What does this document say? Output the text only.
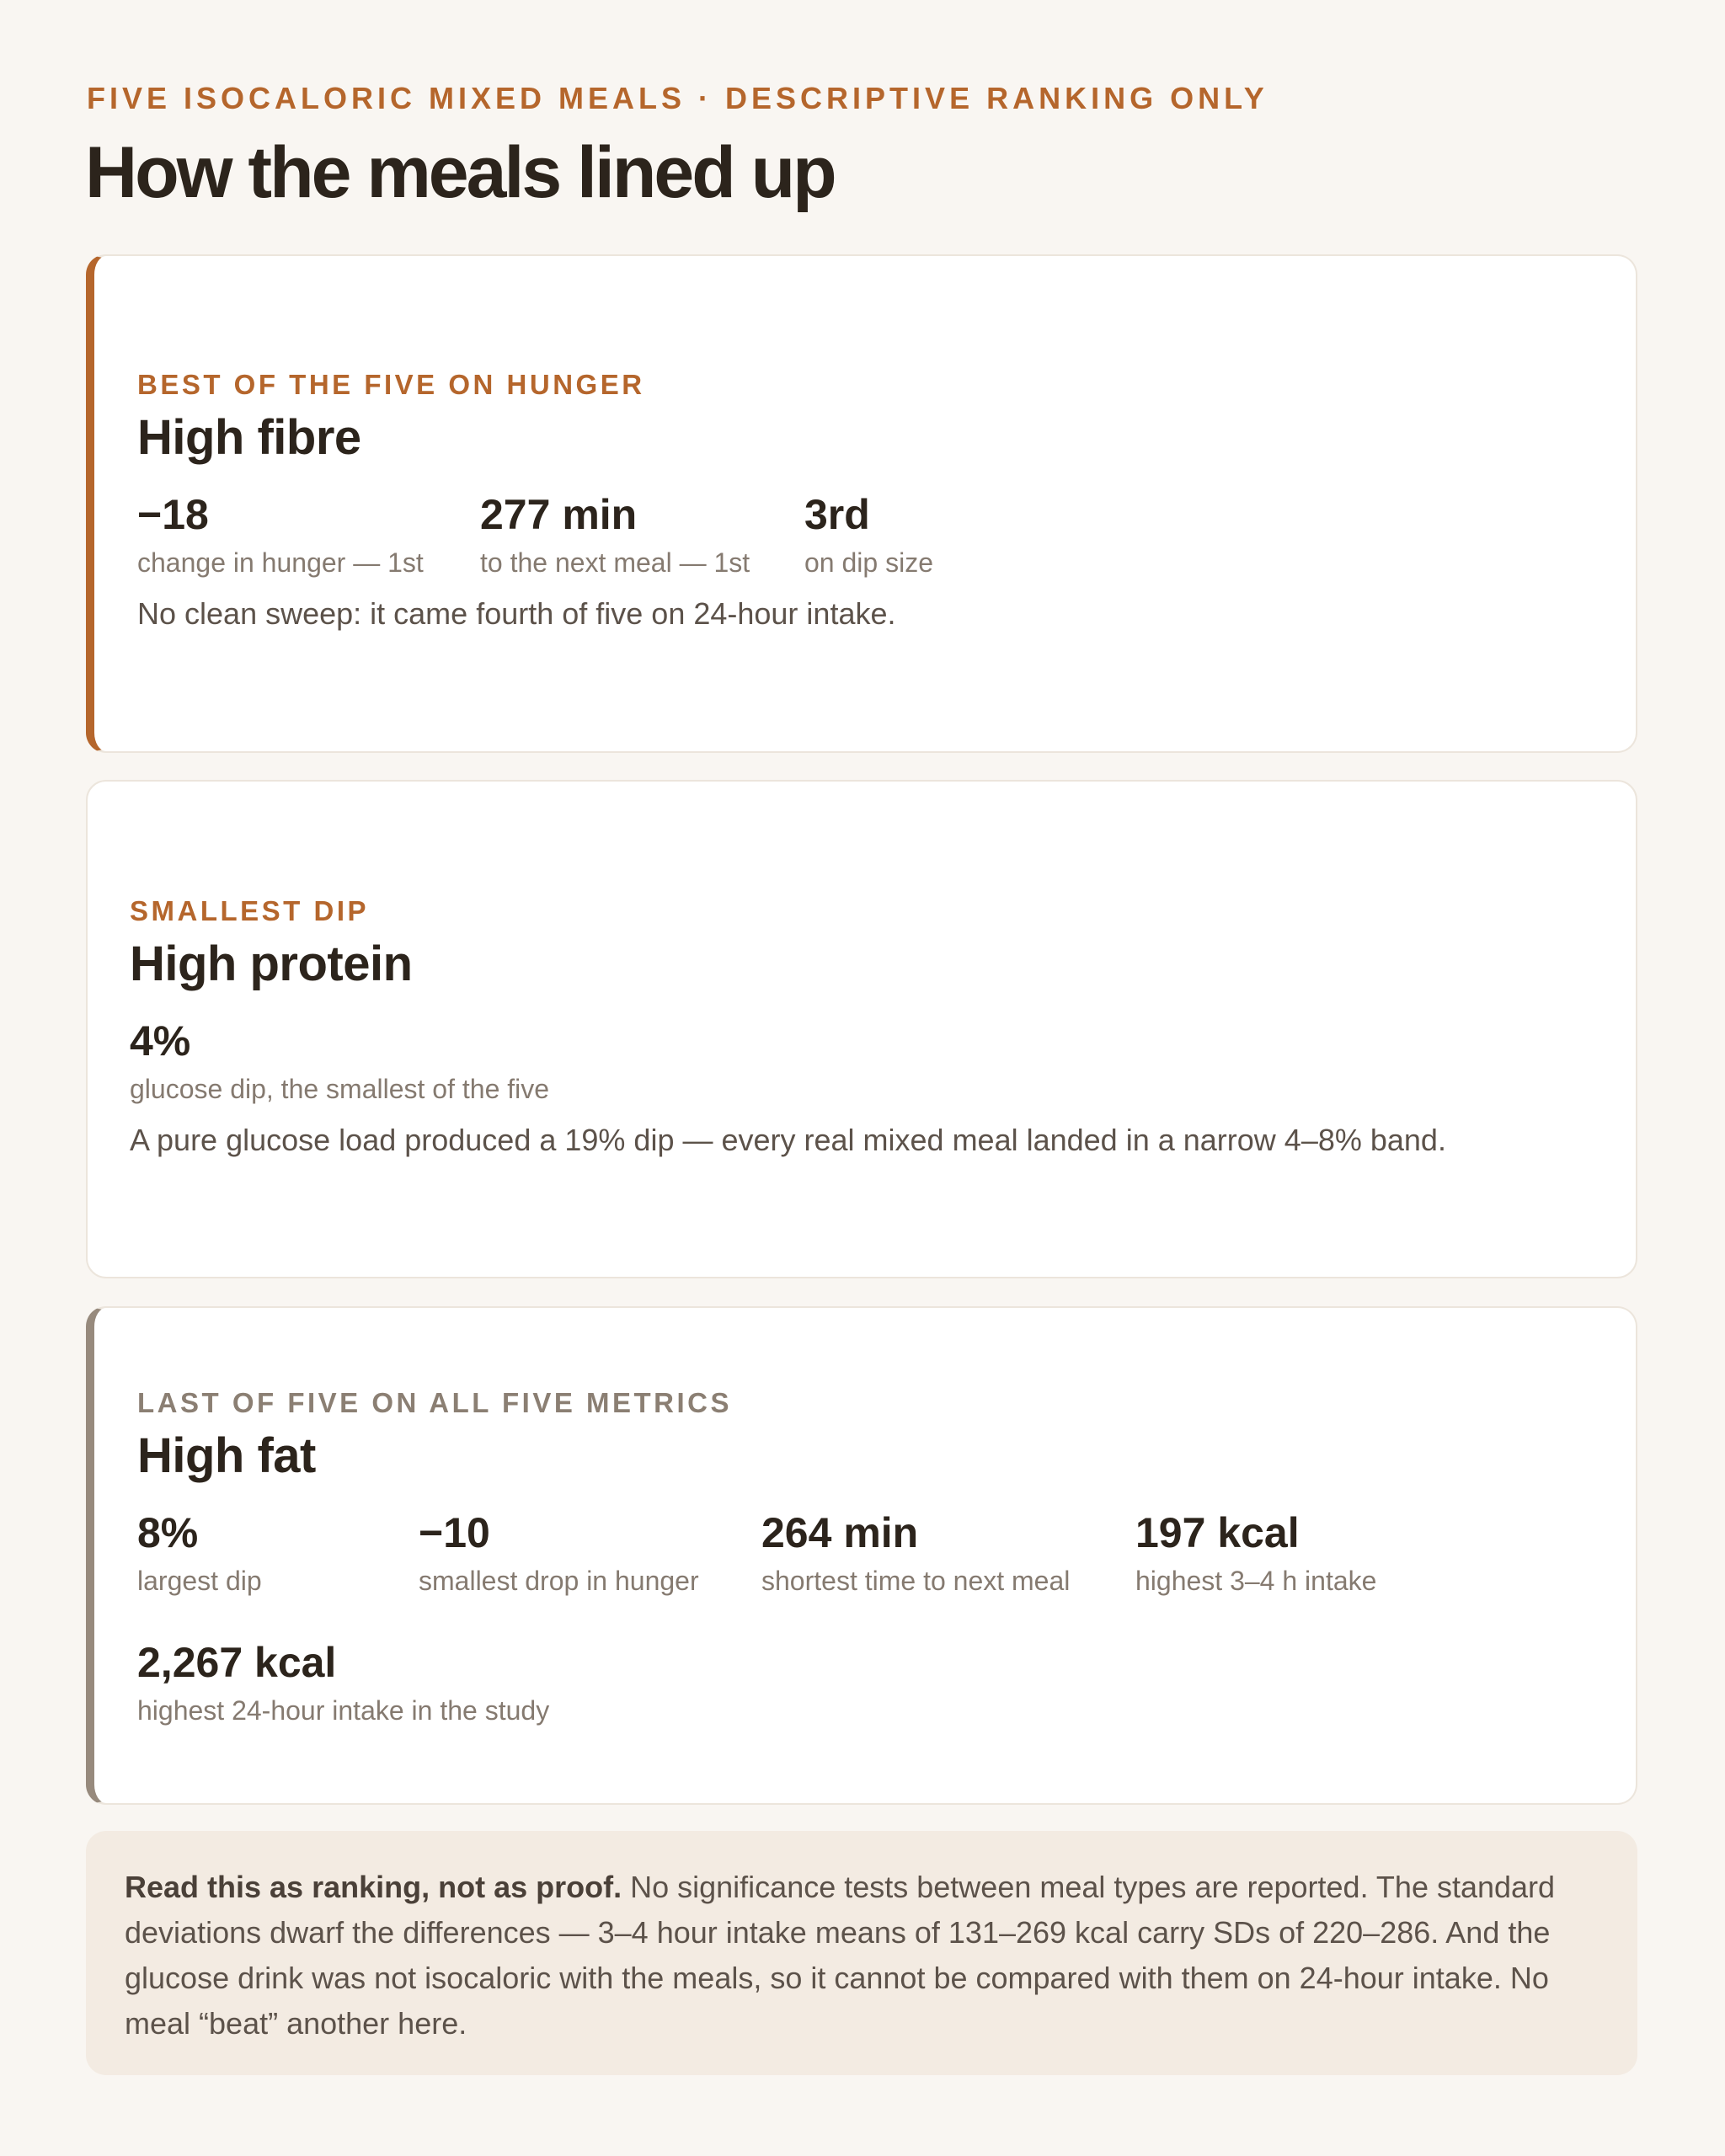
FIVE ISOCALORIC MIXED MEALS · DESCRIPTIVE RANKING ONLY
How the meals lined up
BEST OF THE FIVE ON HUNGER
High fibre
−18
change in hunger — 1st
277 min
to the next meal — 1st
3rd
on dip size
No clean sweep: it came fourth of five on 24-hour intake.
SMALLEST DIP
High protein
4%
glucose dip, the smallest of the five
A pure glucose load produced a 19% dip — every real mixed meal landed in a narrow 4–8% band.
LAST OF FIVE ON ALL FIVE METRICS
High fat
8%
largest dip
−10
smallest drop in hunger
264 min
shortest time to next meal
197 kcal
highest 3–4 h intake
2,267 kcal
highest 24-hour intake in the study
Read this as ranking, not as proof. No significance tests between meal types are reported. The standard deviations dwarf the differences — 3–4 hour intake means of 131–269 kcal carry SDs of 220–286. And the glucose drink was not isocaloric with the meals, so it cannot be compared with them on 24-hour intake. No meal “beat” another here.
